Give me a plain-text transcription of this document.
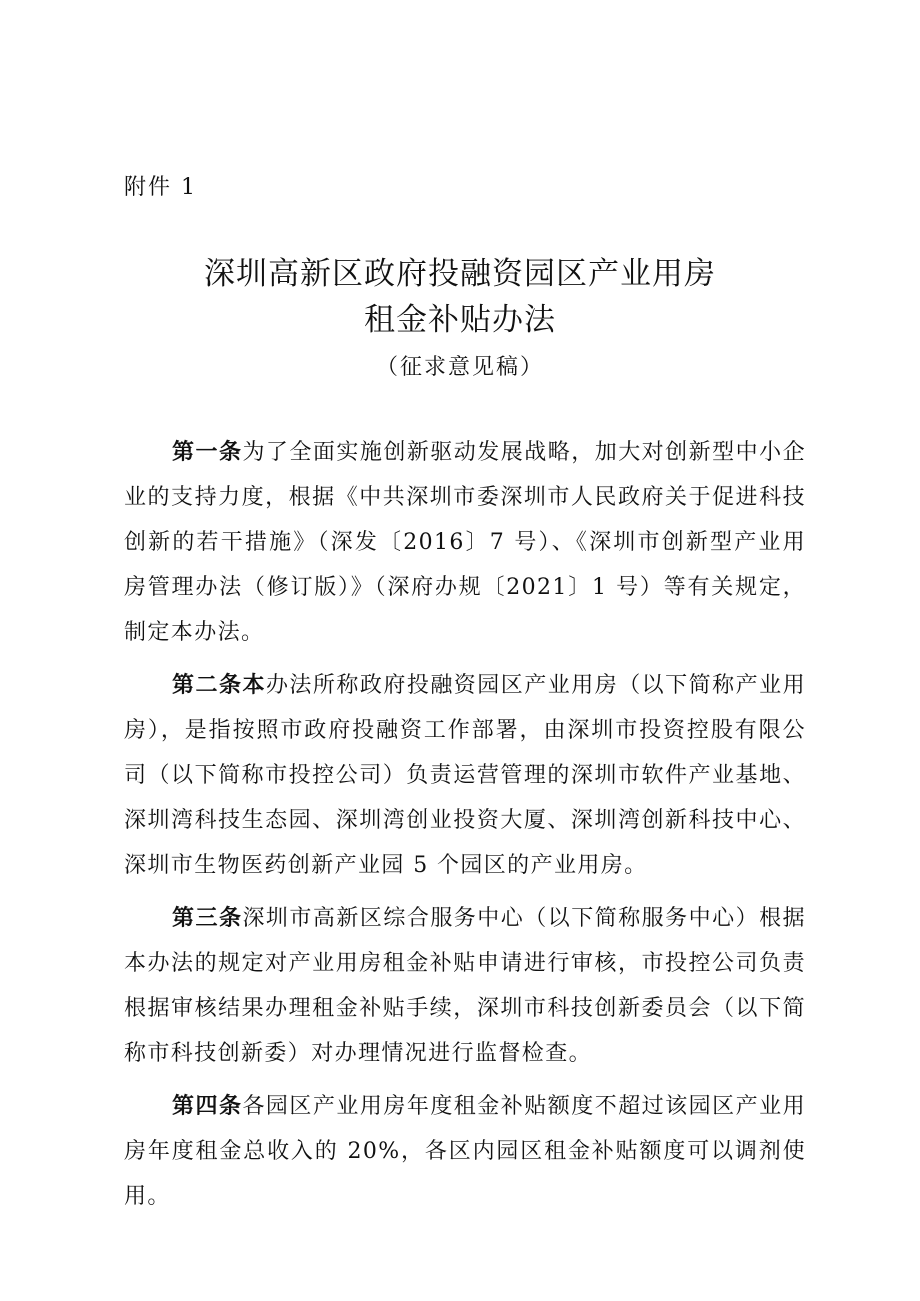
附件 1
深圳高新区政府投融资园区产业用房
租金补贴办法
（征求意见稿）

第一条为了全面实施创新驱动发展战略，加大对创新型中小企业的支持力度，根据《中共深圳市委深圳市人民政府关于促进科技创新的若干措施》（深发〔2016〕7 号）、《深圳市创新型产业用房管理办法（修订版）》（深府办规〔2021〕1 号）等有关规定，制定本办法。

第二条本办法所称政府投融资园区产业用房（以下简称产业用房），是指按照市政府投融资工作部署，由深圳市投资控股有限公司（以下简称市投控公司）负责运营管理的深圳市软件产业基地、深圳湾科技生态园、深圳湾创业投资大厦、深圳湾创新科技中心、深圳市生物医药创新产业园 5 个园区的产业用房。

第三条深圳市高新区综合服务中心（以下简称服务中心）根据本办法的规定对产业用房租金补贴申请进行审核，市投控公司负责根据审核结果办理租金补贴手续，深圳市科技创新委员会（以下简称市科技创新委）对办理情况进行监督检查。

第四条各园区产业用房年度租金补贴额度不超过该园区产业用房年度租金总收入的 20%，各区内园区租金补贴额度可以调剂使用。
